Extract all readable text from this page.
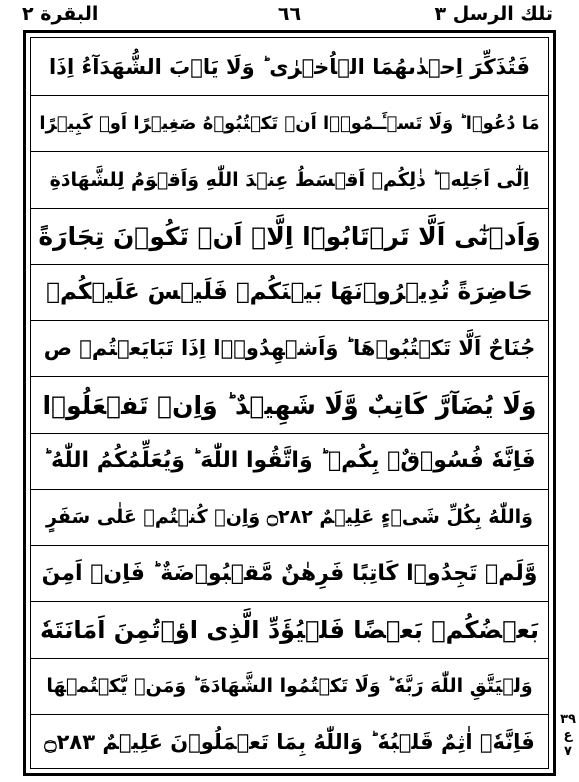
البقرة ٢	٦٦	تلك الرسل ٣
فَتُذَكِّرَ اِحۡدٰىهُمَا الۡاُخۡرٰى ؕ وَلَا يَاۡبَ الشُّهَدَآءُ اِذَا
مَا دُعُوۡا ؕ وَلَا تَسۡـَٔـمُوۡۤا اَنۡ تَكۡتُبُوۡهُ صَغِيۡرًا اَوۡ كَبِيۡرًا
اِلٰٓى اَجَلِهٖ ؕ ذٰلِكُمۡ اَقۡسَطُ عِنۡدَ اللّٰهِ وَاَقۡوَمُ لِلشَّهَادَةِ
وَاَدۡنٰٓى اَلَّا تَرۡتَابُوۡٓا اِلَّاۤ اَنۡ تَكُوۡنَ تِجَارَةً
حَاضِرَةً تُدِيۡرُوۡنَهَا بَيۡنَكُمۡ فَلَيۡسَ عَلَيۡكُمۡ
جُنَاحٌ اَلَّا تَكۡتُبُوۡهَا ؕ وَاَشۡهِدُوۡۤا اِذَا تَبَايَعۡتُمۡ ص
وَلَا يُضَآرَّ كَاتِبٌ وَّلَا شَهِيۡدٌ ؕ وَاِنۡ تَفۡعَلُوۡا
فَاِنَّهٗ فُسُوۡقٌۢ بِكُمۡ ؕ وَاتَّقُوا اللّٰهَ ؕ وَيُعَلِّمُكُمُ اللّٰهُ ؕ
وَاللّٰهُ بِكُلِّ شَىۡءٍ عَلِيۡمٌ ۝٢٨٢ وَاِنۡ كُنۡتُمۡ عَلٰى سَفَرٍ
وَّلَمۡ تَجِدُوۡا كَاتِبًا فَرِهٰنٌ مَّقۡبُوۡضَةٌ ؕ فَاِنۡ اَمِنَ
بَعۡضُكُمۡ بَعۡضًا فَلۡيُؤَدِّ الَّذِى اؤۡتُمِنَ اَمَانَتَهٗ
وَلۡيَتَّقِ اللّٰهَ رَبَّهٗ ؕ وَلَا تَكۡتُمُوا الشَّهَادَةَ ؕ وَمَنۡ يَّكۡتُمۡهَا
فَاِنَّهٗۤ اٰثِمٌ قَلۡبُهٗ ؕ وَاللّٰهُ بِمَا تَعۡمَلُوۡنَ عَلِيۡمٌ ۝٢٨٣
٣٩
ع
٧
